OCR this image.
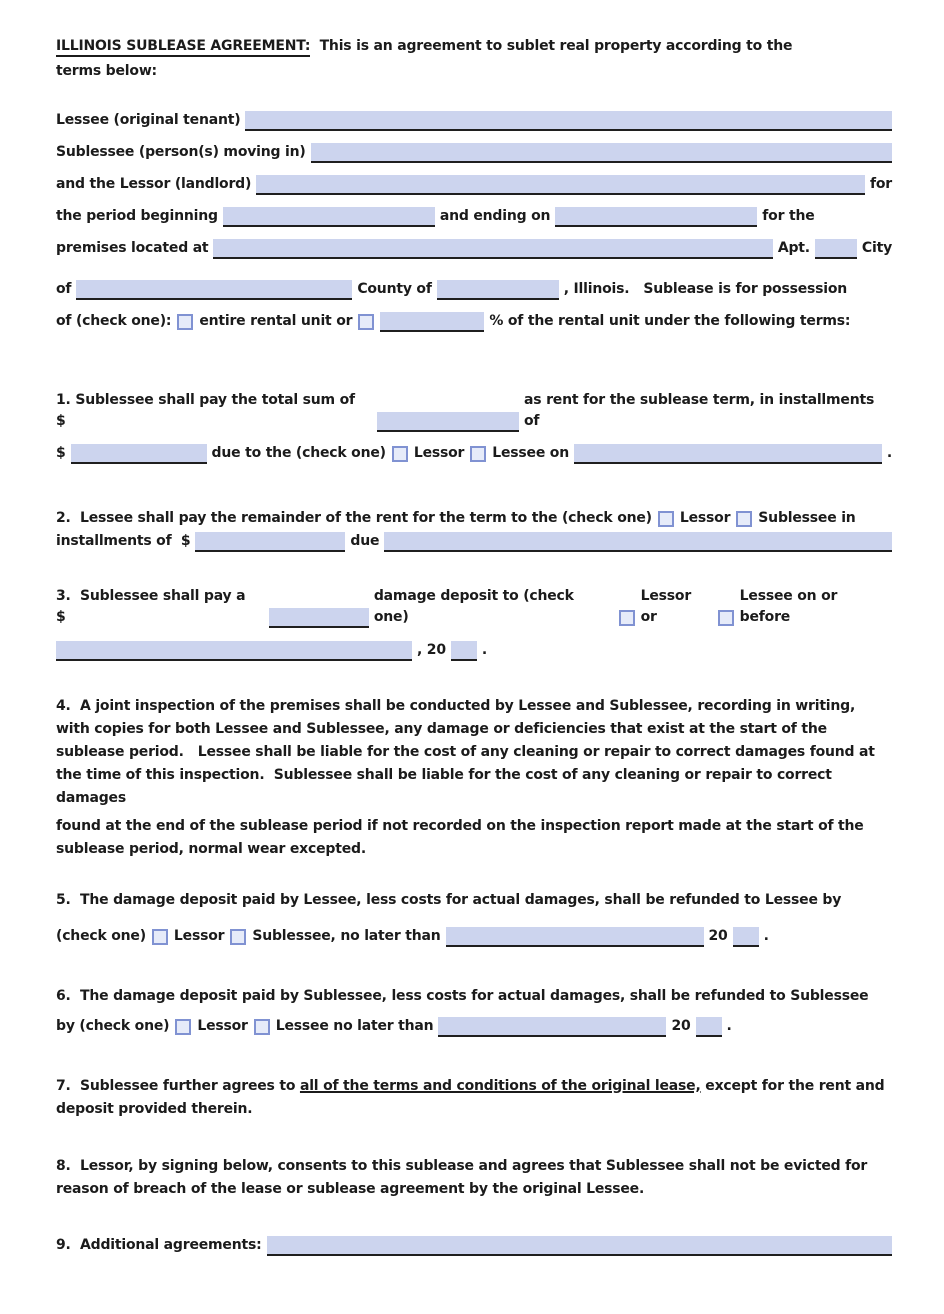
ILLINOIS SUBLEASE AGREEMENT:  This is an agreement to sublet real property according to the
terms below:

Lessee (original tenant)
Sublessee (person(s) moving in)
and the Lessor (landlord)	for
the period beginning	and ending on	for the
premises located at	Apt.	City
of	County of	, Illinois.   Sublease is for possession
of (check one): entire rental unit or	% of the rental unit under the following terms:
1. Sublessee shall pay the total sum of  $
as rent for the sublease term, in installments of
$	due to the (check one) Lessor Lessee on	.
2.  Lessee shall pay the remainder of the rent for the term to the (check one) Lessor Sublessee in
installments of  $	due
3.  Sublessee shall pay a  $
damage deposit to (check one)
Lessor or
Lessee on or before
, 20	.

4.  A joint inspection of the premises shall be conducted by Lessee and Sublessee, recording in writing, with copies for both Lessee and Sublessee, any damage or deficiencies that exist at the start of the sublease period.   Lessee shall be liable for the cost of any cleaning or repair to correct damages found at the time of this inspection.  Sublessee shall be liable for the cost of any cleaning or repair to correct damages

found at the end of the sublease period if not recorded on the inspection report made at the start of the sublease period, normal wear excepted.

5.  The damage deposit paid by Lessee, less costs for actual damages, shall be refunded to Lessee by

(check one) Lessor Sublessee, no later than	20	.

6.  The damage deposit paid by Sublessee, less costs for actual damages, shall be refunded to Sublessee

by (check one) Lessor Lessee no later than	20	.

7.  Sublessee further agrees to all of the terms and conditions of the original lease, except for the rent and deposit provided therein.

8.  Lessor, by signing below, consents to this sublease and agrees that Sublessee shall not be evicted for reason of breach of the lease or sublease agreement by the original Lessee.

9.  Additional agreements:
